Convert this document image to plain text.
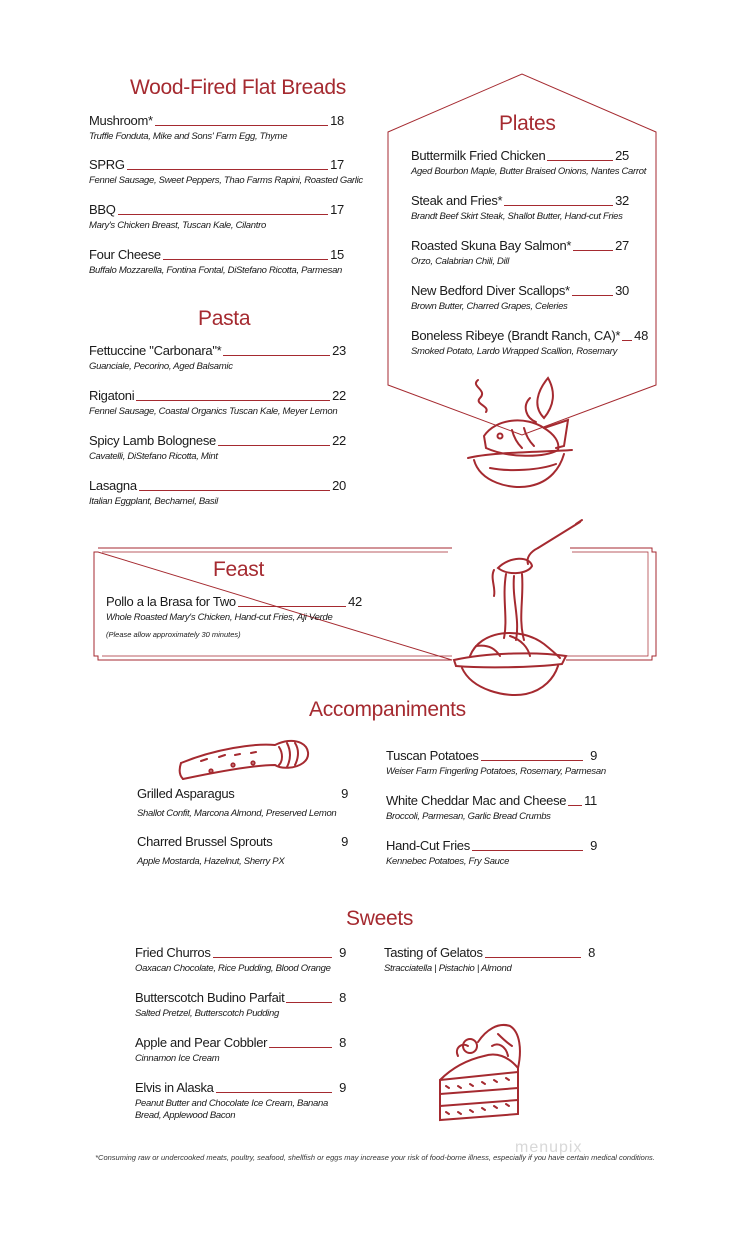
Wood-Fired Flat Breads
Mushroom*	18
Truffle Fonduta, Mike and Sons' Farm Egg, Thyme
SPRG	17
Fennel Sausage, Sweet Peppers, Thao Farms Rapini, Roasted Garlic
BBQ	17
Mary's Chicken Breast, Tuscan Kale, Cilantro
Four Cheese	15
Buffalo Mozzarella, Fontina Fontal, DiStefano Ricotta, Parmesan
Pasta
Fettuccine "Carbonara"*	23
Guanciale, Pecorino, Aged Balsamic
Rigatoni	22
Fennel Sausage, Coastal Organics Tuscan Kale, Meyer Lemon
Spicy Lamb Bolognese	22
Cavatelli, DiStefano Ricotta, Mint
Lasagna	20
Italian Eggplant, Bechamel, Basil
Plates
Buttermilk Fried Chicken	25
Aged Bourbon Maple, Butter Braised Onions, Nantes Carrot
Steak and Fries*	32
Brandt Beef Skirt Steak, Shallot Butter, Hand-cut Fries
Roasted Skuna Bay Salmon*	27
Orzo, Calabrian Chili, Dill
New Bedford Diver Scallops*	30
Brown Butter, Charred Grapes, Celeries
Boneless Ribeye (Brandt Ranch, CA)* 48
Smoked Potato, Lardo Wrapped Scallion, Rosemary
Feast
Pollo a la Brasa for Two	42
Whole Roasted Mary's Chicken, Hand-cut Fries, Aji Verde
(Please allow approximately 30 minutes)
Accompaniments
Grilled Asparagus	9
Shallot Confit, Marcona Almond, Preserved Lemon
Charred Brussel Sprouts	9
Apple Mostarda, Hazelnut, Sherry PX
Tuscan Potatoes	9
Weiser Farm Fingerling Potatoes, Rosemary, Parmesan
White Cheddar Mac and Cheese 11
Broccoli, Parmesan, Garlic Bread Crumbs
Hand-Cut Fries	9
Kennebec Potatoes, Fry Sauce
Sweets
Fried Churros	9
Oaxacan Chocolate, Rice Pudding, Blood Orange
Butterscotch Budino Parfait	8
Salted Pretzel, Butterscotch Pudding
Apple and Pear Cobbler	8
Cinnamon Ice Cream
Elvis in Alaska	9
Peanut Butter and Chocolate Ice Cream, Banana Bread, Applewood Bacon
Tasting of Gelatos	8
Stracciatella | Pistachio | Almond
menupix
*Consuming raw or undercooked meats, poultry, seafood, shellfish or eggs may increase your risk of food-borne illness, especially if you have certain medical conditions.
